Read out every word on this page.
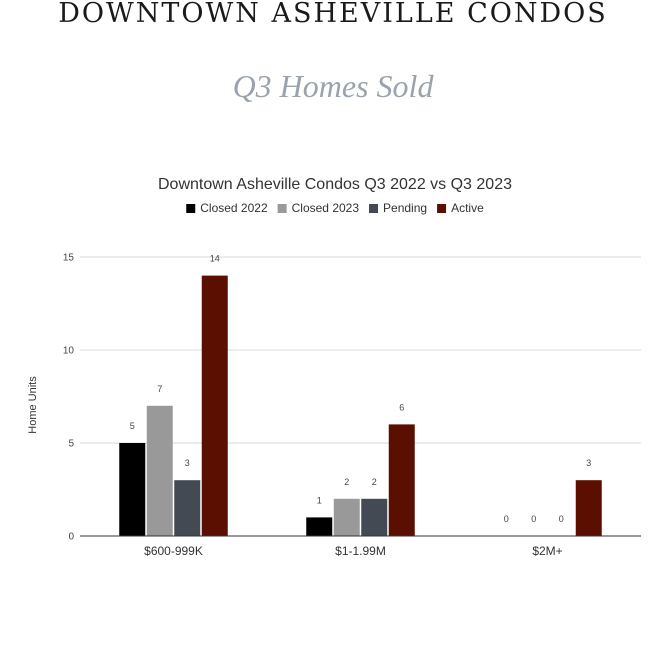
DOWNTOWN ASHEVILLE CONDOS
Q3 Homes Sold
Downtown Asheville Condos Q3 2022 vs Q3 2023
Closed 2022 Closed 2023 Pending Active
0
5
10
15
Home Units	5
7
3
14
1
2 2
6
0 0 0
3
$600-999K	$1-1.99M	$2M+
